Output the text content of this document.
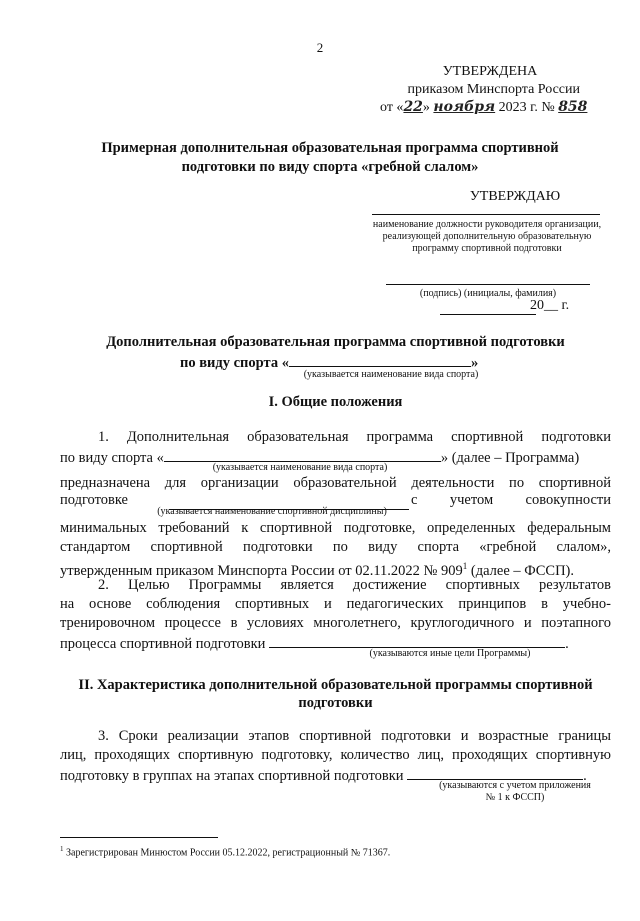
2
УТВЕРЖДЕНА
приказом Минспорта России
от «22» ноября 2023 г. № 858
Примерная дополнительная образовательная программа спортивной подготовки по виду спорта «гребной слалом»
УТВЕРЖДАЮ
наименование должности руководителя организации, реализующей дополнительную образовательную программу спортивной подготовки
(подпись) (инициалы, фамилия)
20__ г.
Дополнительная образовательная программа спортивной подготовки
по виду спорта «	»
(указывается наименование вида спорта)
I. Общие положения
1. Дополнительная образовательная программа спортивной подготовки
по виду спорта «	» (далее – Программа)
(указывается наименование вида спорта)
предназначена для организации образовательной деятельности по спортивной
подготовке	с учетом совокупности
(указывается наименование спортивной дисциплины)
минимальных требований к спортивной подготовке, определенных федеральным
стандартом спортивной подготовки по виду спорта «гребной слалом»,
утвержденным приказом Минспорта России от 02.11.2022 № $909^1$ (далее – ФССП).
2. Целью Программы является достижение спортивных результатов
на основе соблюдения спортивных и педагогических принципов в учебно-
тренировочном процессе в условиях многолетнего, круглогодичного и поэтапного
процесса спортивной подготовки	.
(указываются иные цели Программы)
II. Характеристика дополнительной образовательной программы спортивной
подготовки
3. Сроки реализации этапов спортивной подготовки и возрастные границы
лиц, проходящих спортивную подготовку, количество лиц, проходящих спортивную
подготовку в группах на этапах спортивной подготовки	.
(указываются с учетом приложения
№ 1 к ФССП)
$^1$ Зарегистрирован Минюстом России 05.12.2022, регистрационный № 71367.
